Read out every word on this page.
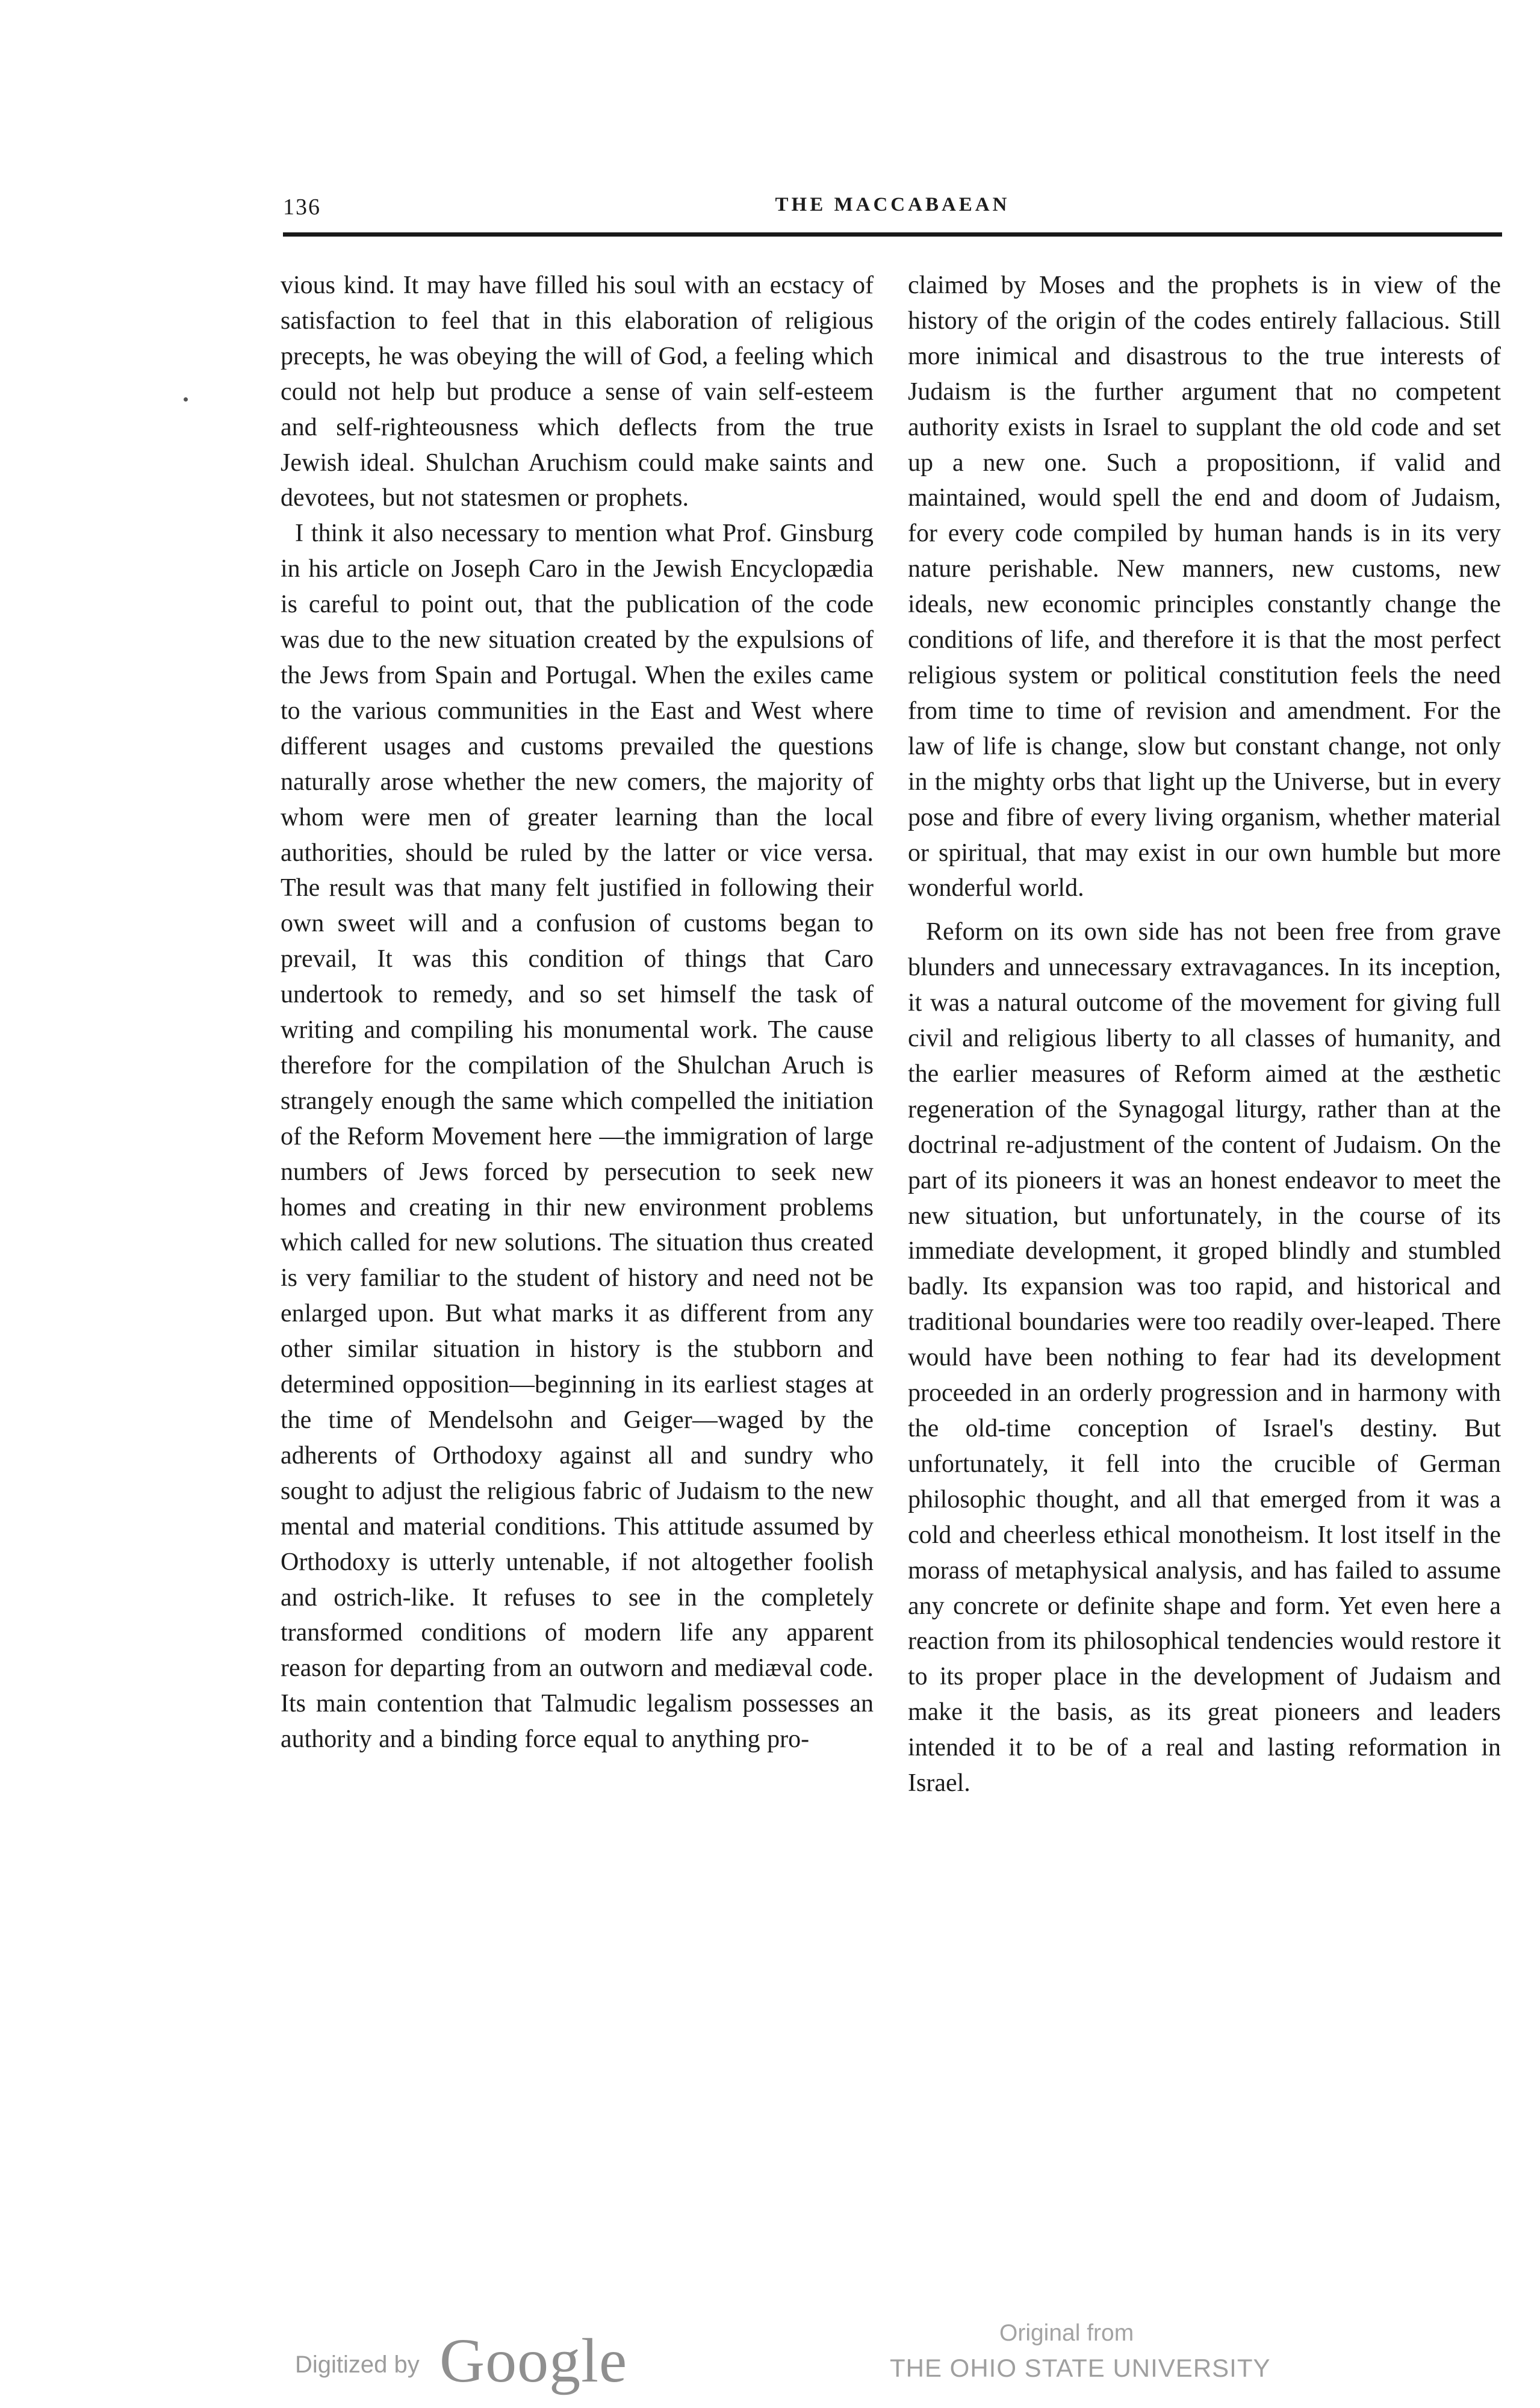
136	THE MACCABAEAN

vious kind. It may have filled his soul with an ecstacy of satisfaction to feel that in this elaboration of religious precepts, he was obeying the will of God, a feeling which could not help but produce a sense of vain self-esteem and self-righteousness which deflects from the true Jewish ideal. Shulchan Aruchism could make saints and devotees, but not statesmen or prophets.

I think it also necessary to mention what Prof. Ginsburg in his article on Joseph Caro in the Jewish Encyclopædia is careful to point out, that the publication of the code was due to the new situation created by the expulsions of the Jews from Spain and Portugal. When the exiles came to the various communities in the East and West where different usages and customs prevailed the questions naturally arose whether the new comers, the majority of whom were men of greater learning than the local authorities, should be ruled by the latter or vice versa. The result was that many felt justified in following their own sweet will and a confusion of customs began to prevail, It was this condition of things that Caro undertook to remedy, and so set himself the task of writing and compiling his monumental work. The cause therefore for the compilation of the Shulchan Aruch is strangely enough the same which compelled the initiation of the Reform Movement here —the immigration of large numbers of Jews forced by persecution to seek new homes and creating in thir new environment problems which called for new solutions. The situation thus created is very familiar to the student of history and need not be enlarged upon. But what marks it as different from any other similar situation in history is the stubborn and determined opposition—beginning in its earliest stages at the time of Mendelsohn and Geiger—waged by the adherents of Orthodoxy against all and sundry who sought to adjust the religious fabric of Judaism to the new mental and material conditions. This attitude assumed by Orthodoxy is utterly untenable, if not altogether foolish and ostrich-like. It refuses to see in the completely transformed conditions of modern life any apparent reason for departing from an outworn and mediæval code. Its main contention that Talmudic legalism possesses an authority and a binding force equal to anything pro-

claimed by Moses and the prophets is in view of the history of the origin of the codes entirely fallacious. Still more inimical and disastrous to the true interests of Judaism is the further argument that no competent authority exists in Israel to supplant the old code and set up a new one. Such a propositionn, if valid and maintained, would spell the end and doom of Judaism, for every code compiled by human hands is in its very nature perishable. New manners, new customs, new ideals, new economic principles constantly change the conditions of life, and therefore it is that the most perfect religious system or political constitution feels the need from time to time of revision and amendment. For the law of life is change, slow but constant change, not only in the mighty orbs that light up the Universe, but in every pose and fibre of every living organism, whether material or spiritual, that may exist in our own humble but more wonderful world.

Reform on its own side has not been free from grave blunders and unnecessary extravagances. In its inception, it was a natural outcome of the movement for giving full civil and religious liberty to all classes of humanity, and the earlier measures of Reform aimed at the æsthetic regeneration of the Synagogal liturgy, rather than at the doctrinal re-adjustment of the content of Judaism. On the part of its pioneers it was an honest endeavor to meet the new situation, but unfortunately, in the course of its immediate development, it groped blindly and stumbled badly. Its expansion was too rapid, and historical and traditional boundaries were too readily over-leaped. There would have been nothing to fear had its development proceeded in an orderly progression and in harmony with the old-time conception of Israel's destiny. But unfortunately, it fell into the crucible of German philosophic thought, and all that emerged from it was a cold and cheerless ethical monotheism. It lost itself in the morass of metaphysical analysis, and has failed to assume any concrete or definite shape and form. Yet even here a reaction from its philosophical tendencies would restore it to its proper place in the development of Judaism and make it the basis, as its great pioneers and leaders intended it to be of a real and lasting reformation in Israel.

Digitized by Google	Original from
THE OHIO STATE UNIVERSITY
